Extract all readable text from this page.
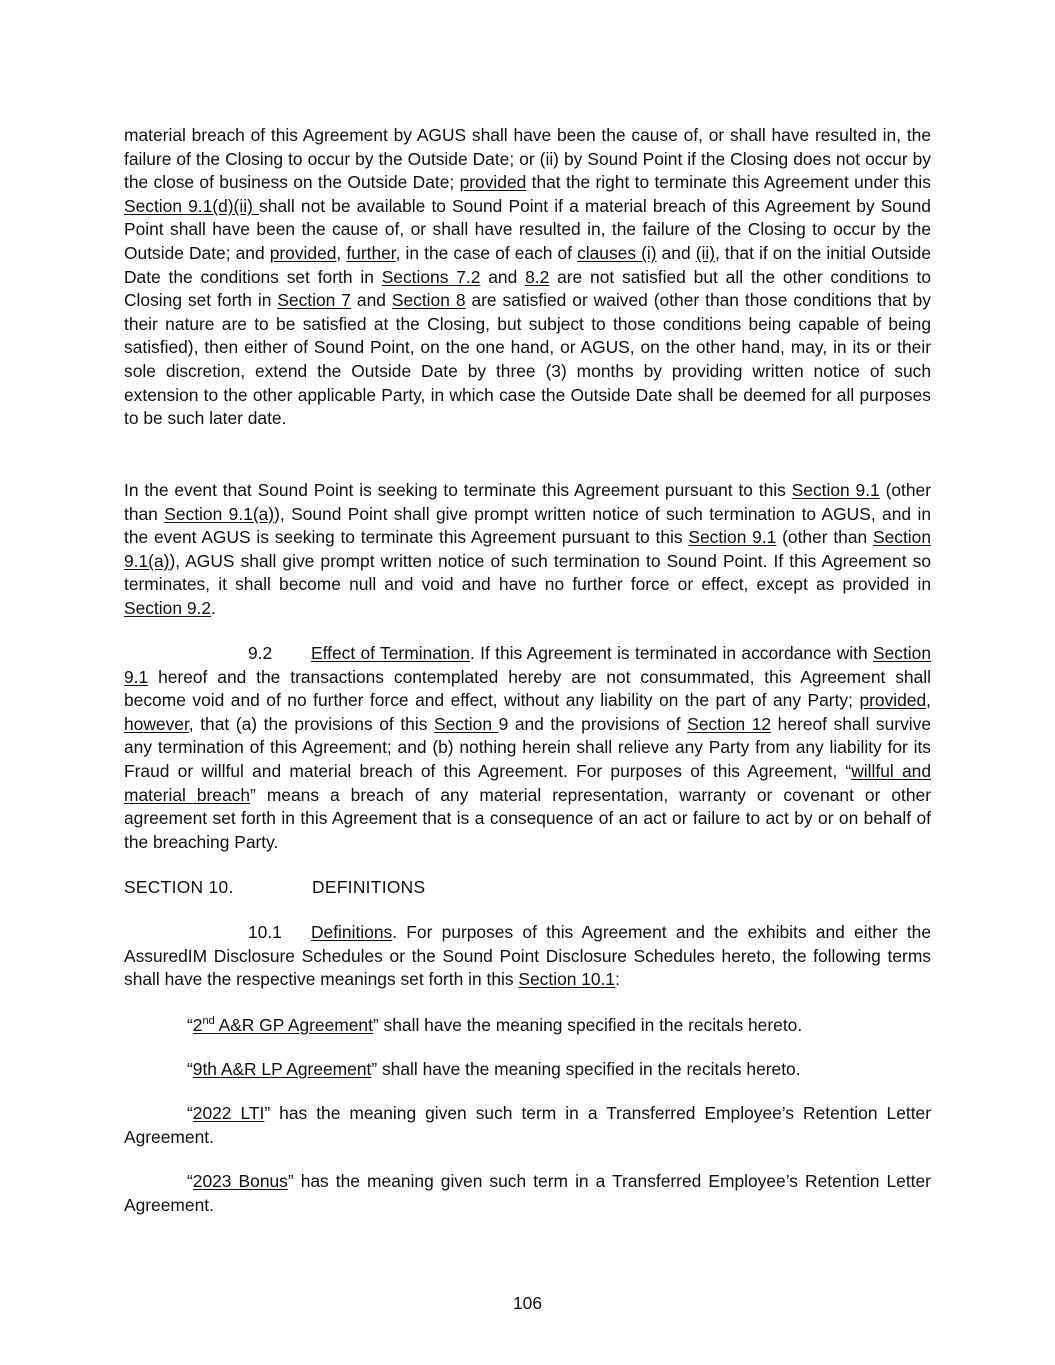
material breach of this Agreement by AGUS shall have been the cause of, or shall have resulted in, the failure of the Closing to occur by the Outside Date; or (ii) by Sound Point if the Closing does not occur by the close of business on the Outside Date; provided that the right to terminate this Agreement under this Section 9.1(d)(ii) shall not be available to Sound Point if a material breach of this Agreement by Sound Point shall have been the cause of, or shall have resulted in, the failure of the Closing to occur by the Outside Date; and provided, further, in the case of each of clauses (i) and (ii), that if on the initial Outside Date the conditions set forth in Sections 7.2 and 8.2 are not satisfied but all the other conditions to Closing set forth in Section 7 and Section 8 are satisfied or waived (other than those conditions that by their nature are to be satisfied at the Closing, but subject to those conditions being capable of being satisfied), then either of Sound Point, on the one hand, or AGUS, on the other hand, may, in its or their sole discretion, extend the Outside Date by three (3) months by providing written notice of such extension to the other applicable Party, in which case the Outside Date shall be deemed for all purposes to be such later date.

In the event that Sound Point is seeking to terminate this Agreement pursuant to this Section 9.1 (other than Section 9.1(a)), Sound Point shall give prompt written notice of such termination to AGUS, and in the event AGUS is seeking to terminate this Agreement pursuant to this Section 9.1 (other than Section 9.1(a)), AGUS shall give prompt written notice of such termination to Sound Point. If this Agreement so terminates, it shall become null and void and have no further force or effect, except as provided in Section 9.2.

9.2 Effect of Termination. If this Agreement is terminated in accordance with Section 9.1 hereof and the transactions contemplated hereby are not consummated, this Agreement shall become void and of no further force and effect, without any liability on the part of any Party; provided, however, that (a) the provisions of this Section 9 and the provisions of Section 12 hereof shall survive any termination of this Agreement; and (b) nothing herein shall relieve any Party from any liability for its Fraud or willful and material breach of this Agreement. For purposes of this Agreement, “willful and material breach” means a breach of any material representation, warranty or covenant or other agreement set forth in this Agreement that is a consequence of an act or failure to act by or on behalf of the breaching Party.

SECTION 10.	DEFINITIONS

10.1 Definitions. For purposes of this Agreement and the exhibits and either the AssuredIM Disclosure Schedules or the Sound Point Disclosure Schedules hereto, the following terms shall have the respective meanings set forth in this Section 10.1:

“2nd A&R GP Agreement” shall have the meaning specified in the recitals hereto.

“9th A&R LP Agreement” shall have the meaning specified in the recitals hereto.

“2022 LTI” has the meaning given such term in a Transferred Employee’s Retention Letter Agreement.

“2023 Bonus” has the meaning given such term in a Transferred Employee’s Retention Letter Agreement.

106
